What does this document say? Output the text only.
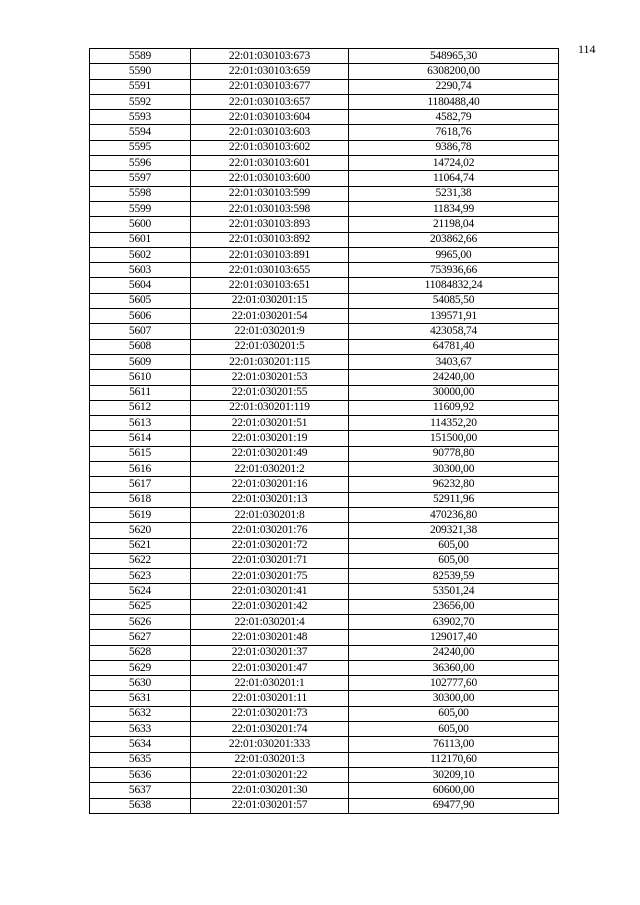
114
5589	22:01:030103:673	548965,30
5590	22:01:030103:659	6308200,00
5591	22:01:030103:677	2290,74
5592	22:01:030103:657	1180488,40
5593	22:01:030103:604	4582,79
5594	22:01:030103:603	7618,76
5595	22:01:030103:602	9386,78
5596	22:01:030103:601	14724,02
5597	22:01:030103:600	11064,74
5598	22:01:030103:599	5231,38
5599	22:01:030103:598	11834,99
5600	22:01:030103:893	21198,04
5601	22:01:030103:892	203862,66
5602	22:01:030103:891	9965,00
5603	22:01:030103:655	753936,66
5604	22:01:030103:651	11084832,24
5605	22:01:030201:15	54085,50
5606	22:01:030201:54	139571,91
5607	22:01:030201:9	423058,74
5608	22:01:030201:5	64781,40
5609	22:01:030201:115	3403,67
5610	22:01:030201:53	24240,00
5611	22:01:030201:55	30000,00
5612	22:01:030201:119	11609,92
5613	22:01:030201:51	114352,20
5614	22:01:030201:19	151500,00
5615	22:01:030201:49	90778,80
5616	22:01:030201:2	30300,00
5617	22:01:030201:16	96232,80
5618	22:01:030201:13	52911,96
5619	22:01:030201:8	470236,80
5620	22:01:030201:76	209321,38
5621	22:01:030201:72	605,00
5622	22:01:030201:71	605,00
5623	22:01:030201:75	82539,59
5624	22:01:030201:41	53501,24
5625	22:01:030201:42	23656,00
5626	22:01:030201:4	63902,70
5627	22:01:030201:48	129017,40
5628	22:01:030201:37	24240,00
5629	22:01:030201:47	36360,00
5630	22:01:030201:1	102777,60
5631	22:01:030201:11	30300,00
5632	22:01:030201:73	605,00
5633	22:01:030201:74	605,00
5634	22:01:030201:333	76113,00
5635	22:01:030201:3	112170,60
5636	22:01:030201:22	30209,10
5637	22:01:030201:30	60600,00
5638	22:01:030201:57	69477,90
